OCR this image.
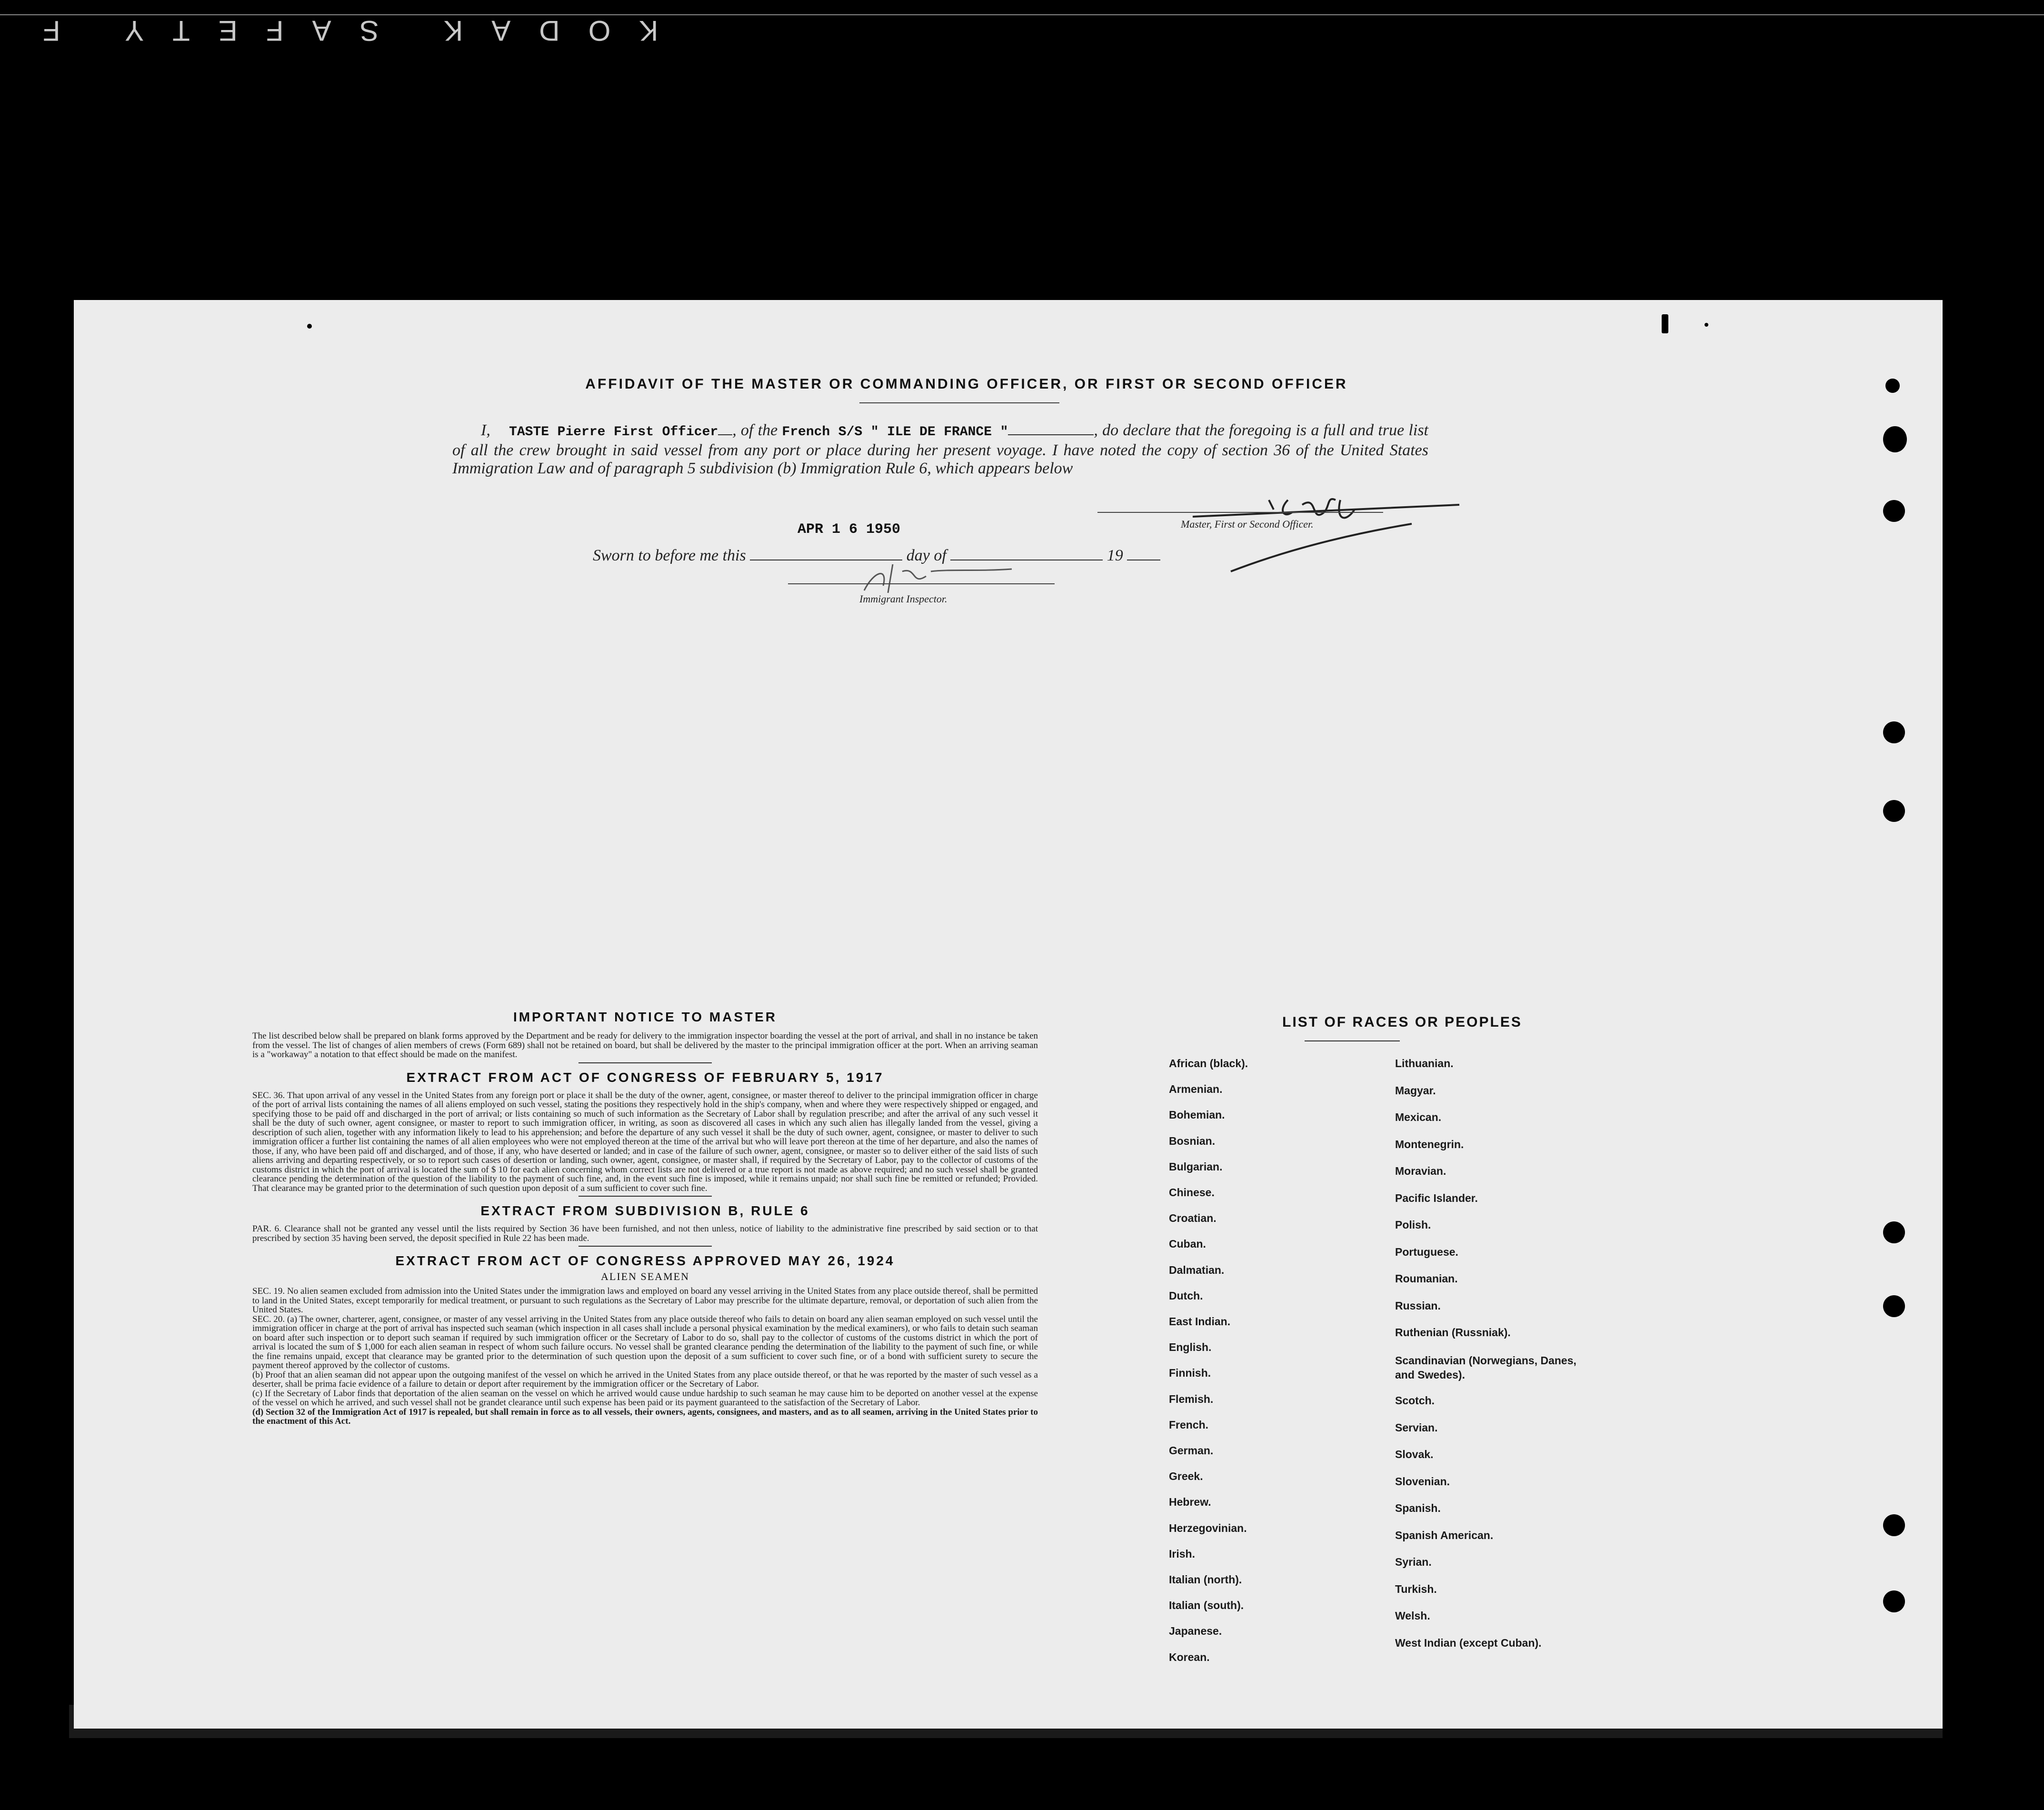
KODAK SAFETY F
AFFIDAVIT OF THE MASTER OR COMMANDING OFFICER, OR FIRST OR SECOND OFFICER
I, TASTE Pierre First Officer , of the French S/S " ILE DE FRANCE "	, do declare that the foregoing is a full and true list of all the crew brought in said vessel from any port or place during her present voyage. I have noted the copy of section 36 of the United States Immigration Law and of paragraph 5 subdivision (b) Immigration Rule 6, which appears below
Master, First or Second Officer.
APR 1 6 1950
Sworn to before me this	day of	19
Immigrant Inspector.
IMPORTANT NOTICE TO MASTER

The list described below shall be prepared on blank forms approved by the Department and be ready for delivery to the immigration inspector boarding the vessel at the port of arrival, and shall in no instance be taken from the vessel. The list of changes of alien members of crews (Form 689) shall not be retained on board, but shall be delivered by the master to the principal immigration officer at the port. When an arriving seaman is a "workaway" a notation to that effect should be made on the manifest.

EXTRACT FROM ACT OF CONGRESS OF FEBRUARY 5, 1917

SEC. 36. That upon arrival of any vessel in the United States from any foreign port or place it shall be the duty of the owner, agent, consignee, or master thereof to deliver to the principal immigration officer in charge of the port of arrival lists containing the names of all aliens employed on such vessel, stating the positions they respectively hold in the ship's company, when and where they were respectively shipped or engaged, and specifying those to be paid off and discharged in the port of arrival; or lists containing so much of such information as the Secretary of Labor shall by regulation prescribe; and after the arrival of any such vessel it shall be the duty of such owner, agent consignee, or master to report to such immigration officer, in writing, as soon as discovered all cases in which any such alien has illegally landed from the vessel, giving a description of such alien, together with any information likely to lead to his apprehension; and before the departure of any such vessel it shall be the duty of such owner, agent, consignee, or master to deliver to such immigration officer a further list containing the names of all alien employees who were not employed thereon at the time of the arrival but who will leave port thereon at the time of her departure, and also the names of those, if any, who have been paid off and discharged, and of those, if any, who have deserted or landed; and in case of the failure of such owner, agent, consignee, or master so to deliver either of the said lists of such aliens arriving and departing respectively, or so to report such cases of desertion or landing, such owner, agent, consignee, or master shall, if required by the Secretary of Labor, pay to the collector of customs of the customs district in which the port of arrival is located the sum of $ 10 for each alien concerning whom correct lists are not delivered or a true report is not made as above required; and no such vessel shall be granted clearance pending the determination of the question of the liability to the payment of such fine, and, in the event such fine is imposed, while it remains unpaid; nor shall such fine be remitted or refunded; Provided. That clearance may be granted prior to the determination of such question upon deposit of a sum sufficient to cover such fine.

EXTRACT FROM SUBDIVISION B, RULE 6

PAR. 6. Clearance shall not be granted any vessel until the lists required by Section 36 have been furnished, and not then unless, notice of liability to the administrative fine prescribed by said section or to that prescribed by section 35 having been served, the deposit specified in Rule 22 has been made.

EXTRACT FROM ACT OF CONGRESS APPROVED MAY 26, 1924
ALIEN SEAMEN

SEC. 19. No alien seamen excluded from admission into the United States under the immigration laws and employed on board any vessel arriving in the United States from any place outside thereof, shall be permitted to land in the United States, except temporarily for medical treatment, or pursuant to such regulations as the Secretary of Labor may prescribe for the ultimate departure, removal, or deportation of such alien from the United States.

SEC. 20. (a) The owner, charterer, agent, consignee, or master of any vessel arriving in the United States from any place outside thereof who fails to detain on board any alien seaman employed on such vessel until the immigration officer in charge at the port of arrival has inspected such seaman (which inspection in all cases shall include a personal physical examination by the medical examiners), or who fails to detain such seaman on board after such inspection or to deport such seaman if required by such immigration officer or the Secretary of Labor to do so, shall pay to the collector of customs of the customs district in which the port of arrival is located the sum of $ 1,000 for each alien seaman in respect of whom such failure occurs. No vessel shall be granted clearance pending the determination of the liability to the payment of such fine, or while the fine remains unpaid, except that clearance may be granted prior to the determination of such question upon the deposit of a sum sufficient to cover such fine, or of a bond with sufficient surety to secure the payment thereof approved by the collector of customs.

(b) Proof that an alien seaman did not appear upon the outgoing manifest of the vessel on which he arrived in the United States from any place outside thereof, or that he was reported by the master of such vessel as a deserter, shall be prima facie evidence of a failure to detain or deport after requirement by the immigration officer or the Secretary of Labor.

(c) If the Secretary of Labor finds that deportation of the alien seaman on the vessel on which he arrived would cause undue hardship to such seaman he may cause him to be deported on another vessel at the expense of the vessel on which he arrived, and such vessel shall not be grandet clearance until such expense has been paid or its payment guaranteed to the satisfaction of the Secretary of Labor.

(d) Section 32 of the Immigration Act of 1917 is repealed, but shall remain in force as to all vessels, their owners, agents, consignees, and masters, and as to all seamen, arriving in the United States prior to the enactment of this Act.

LIST OF RACES OR PEOPLES
African (black).
Armenian.
Bohemian.
Bosnian.
Bulgarian.
Chinese.
Croatian.
Cuban.
Dalmatian.
Dutch.
East Indian.
English.
Finnish.
Flemish.
French.
German.
Greek.
Hebrew.
Herzegovinian.
Irish.
Italian (north).
Italian (south).
Japanese.
Korean.
Lithuanian.
Magyar.
Mexican.
Montenegrin.
Moravian.
Pacific Islander.
Polish.
Portuguese.
Roumanian.
Russian.
Ruthenian (Russniak).
Scandinavian (Norwegians, Danes, and Swedes).
Scotch.
Servian.
Slovak.
Slovenian.
Spanish.
Spanish American.
Syrian.
Turkish.
Welsh.
West Indian (except Cuban).
